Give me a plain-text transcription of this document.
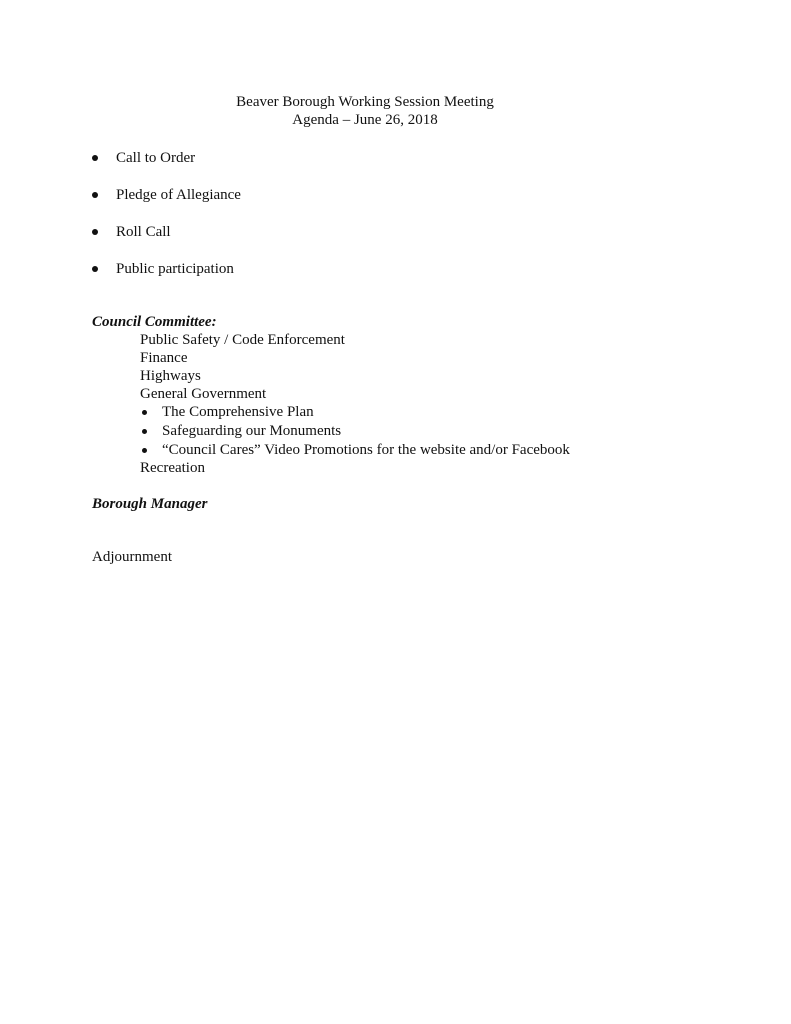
Beaver Borough Working Session Meeting
Agenda – June 26, 2018
Call to Order
Pledge of Allegiance
Roll Call
Public participation
Council Committee:
Public Safety / Code Enforcement
Finance
Highways
General Government
The Comprehensive Plan
Safeguarding our Monuments
“Council Cares” Video Promotions for the website and/or Facebook
Recreation
Borough Manager
Adjournment
